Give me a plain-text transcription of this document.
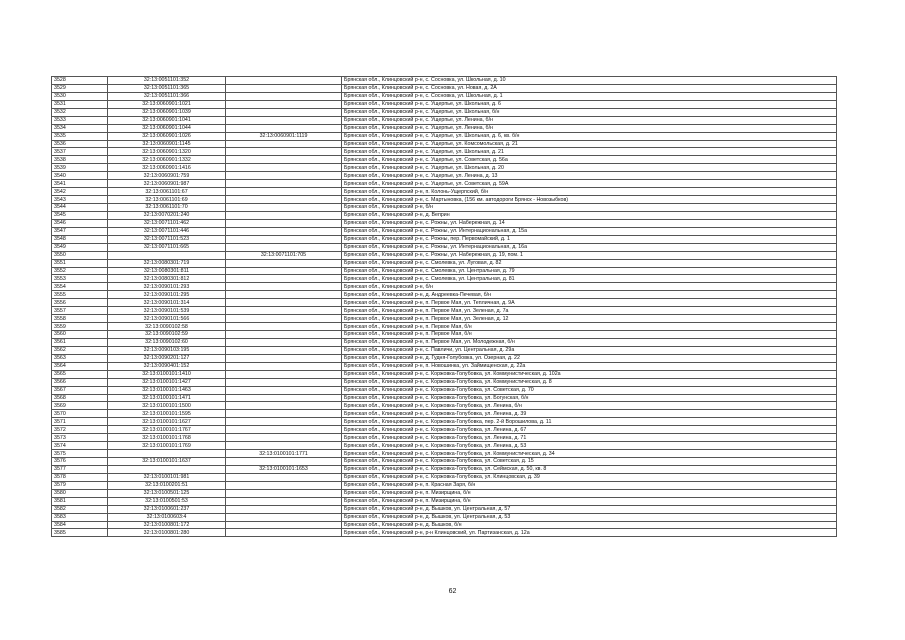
3528	32:13:0051101:352		Брянская обл., Клинцовский р-н, с. Сосновка, ул. Школьная, д. 10
3529	32:13:0051101:365		Брянская обл., Клинцовский р-н, с. Сосновка, ул. Новая, д. 2А
3530	32:13:0051101:366		Брянская обл., Клинцовский р-н, с. Сосновка, ул. Школьная, д. 1
3531	32:13:0060901:1021		Брянская обл., Клинцовский р-н, с. Ущерпье, ул. Школьная, д. 6
3532	32:13:0060901:1039		Брянская обл., Клинцовский р-н, с. Ущерпье, ул. Школьная, б/н
3533	32:13:0060901:1041		Брянская обл., Клинцовский р-н, с. Ущерпье, ул. Ленина, б/н
3534	32:13:0060901:1044		Брянская обл., Клинцовский р-н, с. Ущерпье, ул. Ленина, б/н
3535	32:13:0060901:1026	32:13:0060901:1119	Брянская обл., Клинцовский р-н, с. Ущерпье, ул. Школьная, д. 6, кв. б/н
3536	32:13:0060901:1145		Брянская обл., Клинцовский р-н, с. Ущерпье, ул. Комсомольская, д. 21
3537	32:13:0060901:1320		Брянская обл., Клинцовский р-н, с. Ущерпье, ул. Школьная, д. 21
3538	32:13:0060901:1332		Брянская обл., Клинцовский р-н, с. Ущерпье, ул. Советская, д. 56а
3539	32:13:0060901:1416		Брянская обл., Клинцовский р-н, с. Ущерпье, ул. Школьная, д. 20
3540	32:13:0060901:759		Брянская обл., Клинцовский р-н, с. Ущерпье, ул. Ленина, д. 13
3541	32:13:0060901:987		Брянская обл., Клинцовский р-н, с. Ущерпье, ул. Советская, д. 59А
3542	32:13:0061101:67		Брянская обл., Клинцовский р-н, п. Колонь-Ущерпский, б/н
3543	32:13:0061101:69		Брянская обл., Клинцовский р-н, с. Мартыновка, (156 км. автодороги Брянск - Новозыбков)
3544	32:13:0061101:70		Брянская обл., Клинцовский р-н, б/н
3545	32:13:0070201:240		Брянская обл., Клинцовский р-н, д. Веприн
3546	32:13:0071101:462		Брянская обл., Клинцовский р-н, с. Рожны, ул. Набережная, д. 14
3547	32:13:0071101:446		Брянская обл., Клинцовский р-н, с. Рожны, ул. Интернациональная, д. 15а
3548	32:13:0071101:523		Брянская обл., Клинцовский р-н, с. Рожны, пер. Первомайский, д. 1
3549	32:13:0071101:665		Брянская обл., Клинцовский р-н, с. Рожны, ул. Интернациональная, д. 16а
3550		32:13:0071101:705	Брянская обл., Клинцовский р-н, с. Рожны, ул. Набережная, д. 19, пом. 1
3551	32:13:0080301:719		Брянская обл., Клинцовский р-н, с. Смолевка, ул. Луговая, д. 82
3552	32:13:0080301:811		Брянская обл., Клинцовский р-н, с. Смолевка, ул. Центральная, д. 79
3553	32:13:0080301:812		Брянская обл., Клинцовский р-н, с. Смолевка, ул. Центральная, д. 81
3554	32:13:0090101:293		Брянская обл., Клинцовский р-н, б/н
3555	32:13:0090101:295		Брянская обл., Клинцовский р-н, д. Андреевка-Печевая, б/н
3556	32:13:0090101:314		Брянская обл., Клинцовский р-н, п. Первое Мая, ул. Тепличная, д. 9А
3557	32:13:0090101:539		Брянская обл., Клинцовский р-н, п. Первое Мая, ул. Зеленая, д. 7а
3558	32:13:0090101:566		Брянская обл., Клинцовский р-н, п. Первое Мая, ул. Зеленая, д. 12
3559	32:13:0090102:58		Брянская обл., Клинцовский р-н, п. Первое Мая, б/н
3560	32:13:0090102:59		Брянская обл., Клинцовский р-н, п. Первое Мая, б/н
3561	32:13:0090102:60		Брянская обл., Клинцовский р-н, п. Первое Мая, ул. Молодежная, б/н
3562	32:13:0090103:195		Брянская обл., Клинцовский р-н, с. Павличи, ул. Центральная, д. 29а
3563	32:13:0090201:127		Брянская обл., Клинцовский р-н, д. Гудня-Голубовка, ул. Озерная, д. 22
3564	32:13:0090401:152		Брянская обл., Клинцовский р-н, п. Новошинка, ул. Займищенская, д. 22а
3565	32:13:0100101:1410		Брянская обл., Клинцовский р-н, с. Коржовка-Голубовка, ул. Коммунистическая, д. 102а
3566	32:13:0100101:1427		Брянская обл., Клинцовский р-н, с. Коржовка-Голубовка, ул. Коммунистическая, д. 8
3567	32:13:0100101:1463		Брянская обл., Клинцовский р-н, с. Коржовка-Голубовка, ул. Советская, д. 70
3568	32:13:0100101:1471		Брянская обл., Клинцовский р-н, с. Коржовка-Голубовка, ул. Богунская, б/н
3569	32:13:0100101:1500		Брянская обл., Клинцовский р-н, с. Коржовка-Голубовка, ул. Ленина, б/н
3570	32:13:0100101:1595		Брянская обл., Клинцовский р-н, с. Коржовка-Голубовка, ул. Ленина, д. 39
3571	32:13:0100101:1627		Брянская обл., Клинцовский р-н, с. Коржовка-Голубовка, пер. 2-й Ворошилова, д. 11
3572	32:13:0100101:1767		Брянская обл., Клинцовский р-н, с. Коржовка-Голубовка, ул. Ленина, д. 67
3573	32:13:0100101:1768		Брянская обл., Клинцовский р-н, с. Коржовка-Голубовка, ул. Ленина, д. 71
3574	32:13:0100101:1769		Брянская обл., Клинцовский р-н, с. Коржовка-Голубовка, ул. Ленина, д. 53
3575		32:13:0100101:1771	Брянская обл., Клинцовский р-н, с. Коржовка-Голубовка, ул. Коммунистическая, д. 34
3576	32:13:0100101:1637		Брянская обл., Клинцовский р-н, с. Коржовка-Голубовка, ул. Советская, д. 15
3577		32:13:0100101:1653	Брянская обл., Клинцовский р-н, с. Коржовка-Голубовка, ул. Сеймская, д. 50, кв. 8
3578	32:13:0100101:981		Брянская обл., Клинцовский р-н, с. Коржовка-Голубовка, ул. Клинцовская, д. 39
3579	32:13:0100201:51		Брянская обл., Клинцовский р-н, п. Красная Заря, б/н
3580	32:13:0100501:125		Брянская обл., Клинцовский р-н, п. Мизирщина, б/н
3581	32:13:0100501:53		Брянская обл., Клинцовский р-н, п. Мизирщина, б/н
3582	32:13:0100601:237		Брянская обл., Клинцовский р-н, д. Вышков, ул. Центральная, д. 57
3583	32:13:0100603:4		Брянская обл., Клинцовский р-н, д. Вышков, ул. Центральная, д. 53
3584	32:13:0100801:172		Брянская обл., Клинцовский р-н, д. Вышков, б/н
3585	32:13:0100801:280		Брянская обл., Клинцовский р-н, р-н Клинцовский, ул. Партизанская, д. 12а
62
